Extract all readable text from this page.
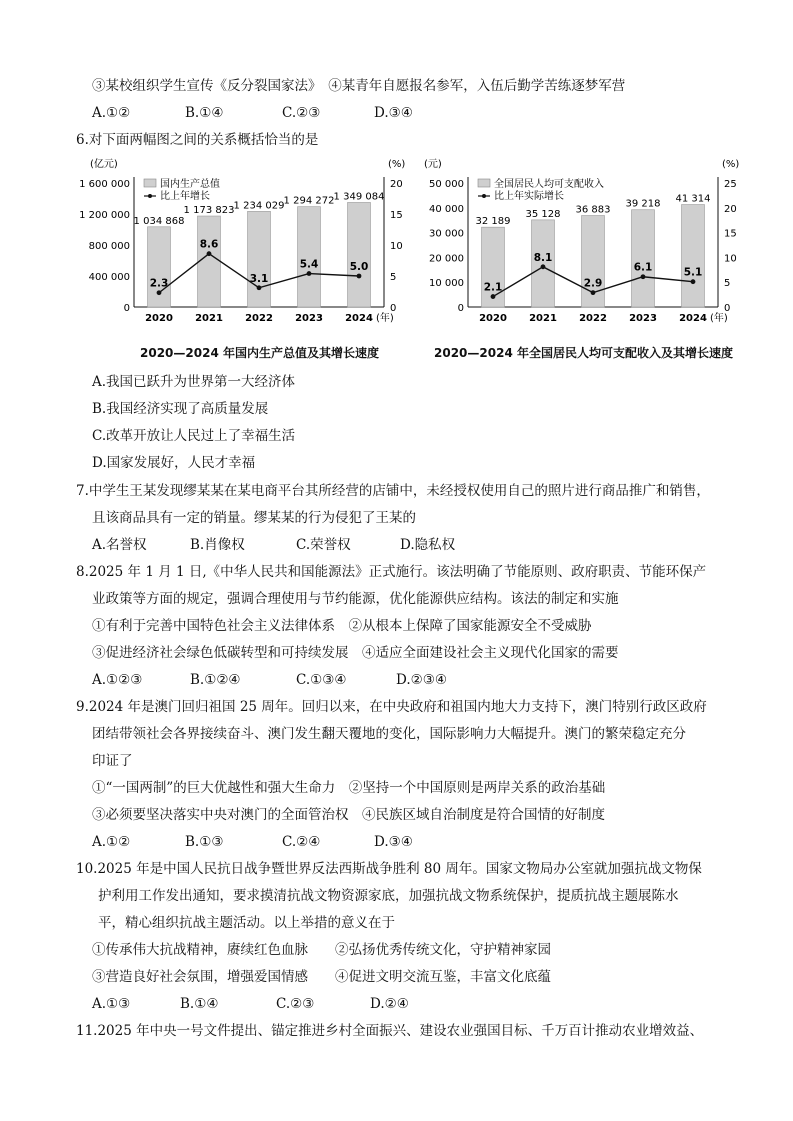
③某校组织学生宣传《反分裂国家法》　④某青年自愿报名参军，入伍后勤学苦练逐梦军营
A.①②	B.①④	C.②③	D.③④
6.对下面两幅图之间的关系概括恰当的是
(亿元)	(%)
0
400 000
800 000
1 200 000
1 600 000
0
5
10
15
20
1 034 868
2020
1 173 823
2021
1 234 029
2022
1 294 272
2023
1 349 084
2024 (年)
2.3
8.6
3.1
5.4	5.0
国内生产总值
比上年增长
(元)	(%)
0
10 000
20 000
30 000
40 000
50 000
0
5
10
15
20
25
32 189
2020
35 128
2021
36 883
2022
39 218
2023
41 314
2024 (年)
2.1
8.1
2.9
6.1	5.1
全国居民人均可支配收入
比上年实际增长
2020—2024 年国内生产总值及其增长速度	2020—2024 年全国居民人均可支配收入及其增长速度
A.我国已跃升为世界第一大经济体
B.我国经济实现了高质量发展
C.改革开放让人民过上了幸福生活
D.国家发展好，人民才幸福
7.中学生王某发现缪某某在某电商平台其所经营的店铺中，未经授权使用自己的照片进行商品推广和销售，
且该商品具有一定的销量。缪某某的行为侵犯了王某的
A.名誉权	B.肖像权	C.荣誉权	D.隐私权
8.2025 年 1 月 1 日,《中华人民共和国能源法》正式施行。该法明确了节能原则、政府职责、节能环保产
业政策等方面的规定，强调合理使用与节约能源，优化能源供应结构。该法的制定和实施
①有利于完善中国特色社会主义法律体系　②从根本上保障了国家能源安全不受威胁
③促进经济社会绿色低碳转型和可持续发展　④适应全面建设社会主义现代化国家的需要
A.①②③	B.①②④	C.①③④	D.②③④
9.2024 年是澳门回归祖国 25 周年。回归以来，在中央政府和祖国内地大力支持下，澳门特别行政区政府
团结带领社会各界接续奋斗、澳门发生翻天覆地的变化，国际影响力大幅提升。澳门的繁荣稳定充分
印证了
①“一国两制”的巨大优越性和强大生命力　②坚持一个中国原则是两岸关系的政治基础
③必须要坚决落实中央对澳门的全面管治权　④民族区域自治制度是符合国情的好制度
A.①②	B.①③	C.②④	D.③④
10.2025 年是中国人民抗日战争暨世界反法西斯战争胜利 80 周年。国家文物局办公室就加强抗战文物保
护利用工作发出通知，要求摸清抗战文物资源家底，加强抗战文物系统保护，提质抗战主题展陈水
平，精心组织抗战主题活动。以上举措的意义在于
①传承伟大抗战精神，赓续红色血脉　　②弘扬优秀传统文化，守护精神家园
③营造良好社会氛围，增强爱国情感　　④促进文明交流互鉴，丰富文化底蕴
A.①③	B.①④	C.②③	D.②④
11.2025 年中央一号文件提出、锚定推进乡村全面振兴、建设农业强国目标、千万百计推动农业增效益、
